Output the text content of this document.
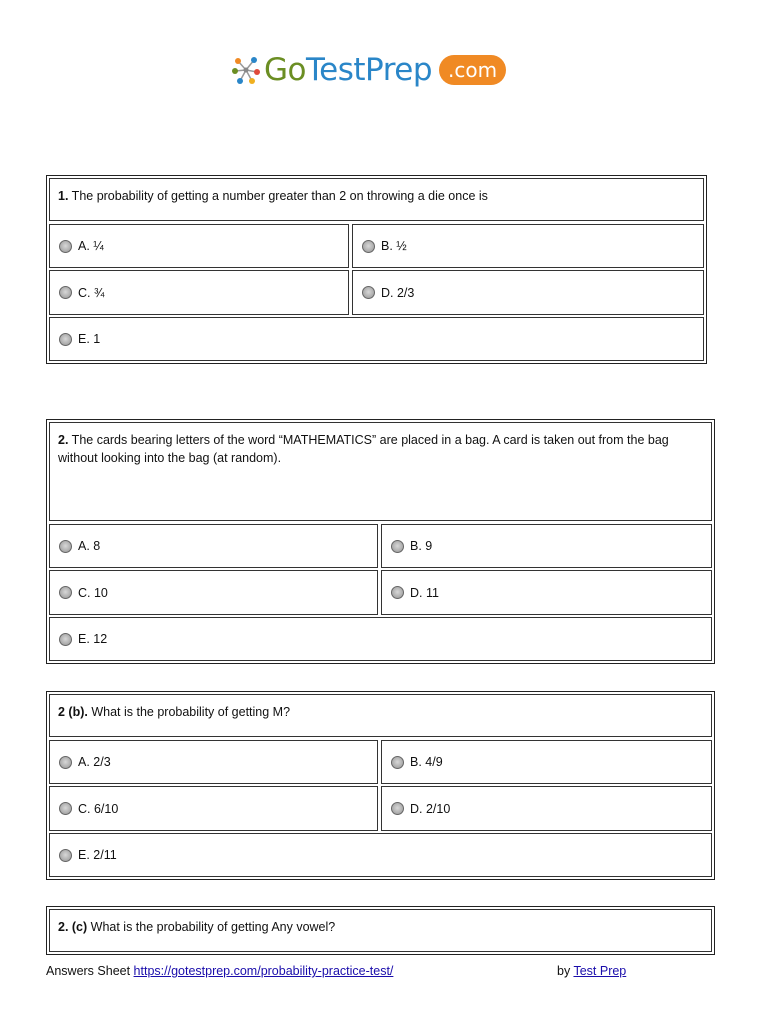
GoTestPrep .com
1. The probability of getting a number greater than 2 on throwing a die once is
A. ¼	B. ½
C. ¾	D. 2/3
E. 1
2. The cards bearing letters of the word “MATHEMATICS” are placed in a bag. A card is taken out from the bag without looking into the bag (at random).
A. 8	B. 9
C. 10	D. 11
E. 12
2 (b). What is the probability of getting M?
A. 2/3	B. 4/9
C. 6/10	D. 2/10
E. 2/11
2. (c) What is the probability of getting Any vowel?
Answers Sheet https://gotestprep.com/probability-practice-test/	by Test Prep
